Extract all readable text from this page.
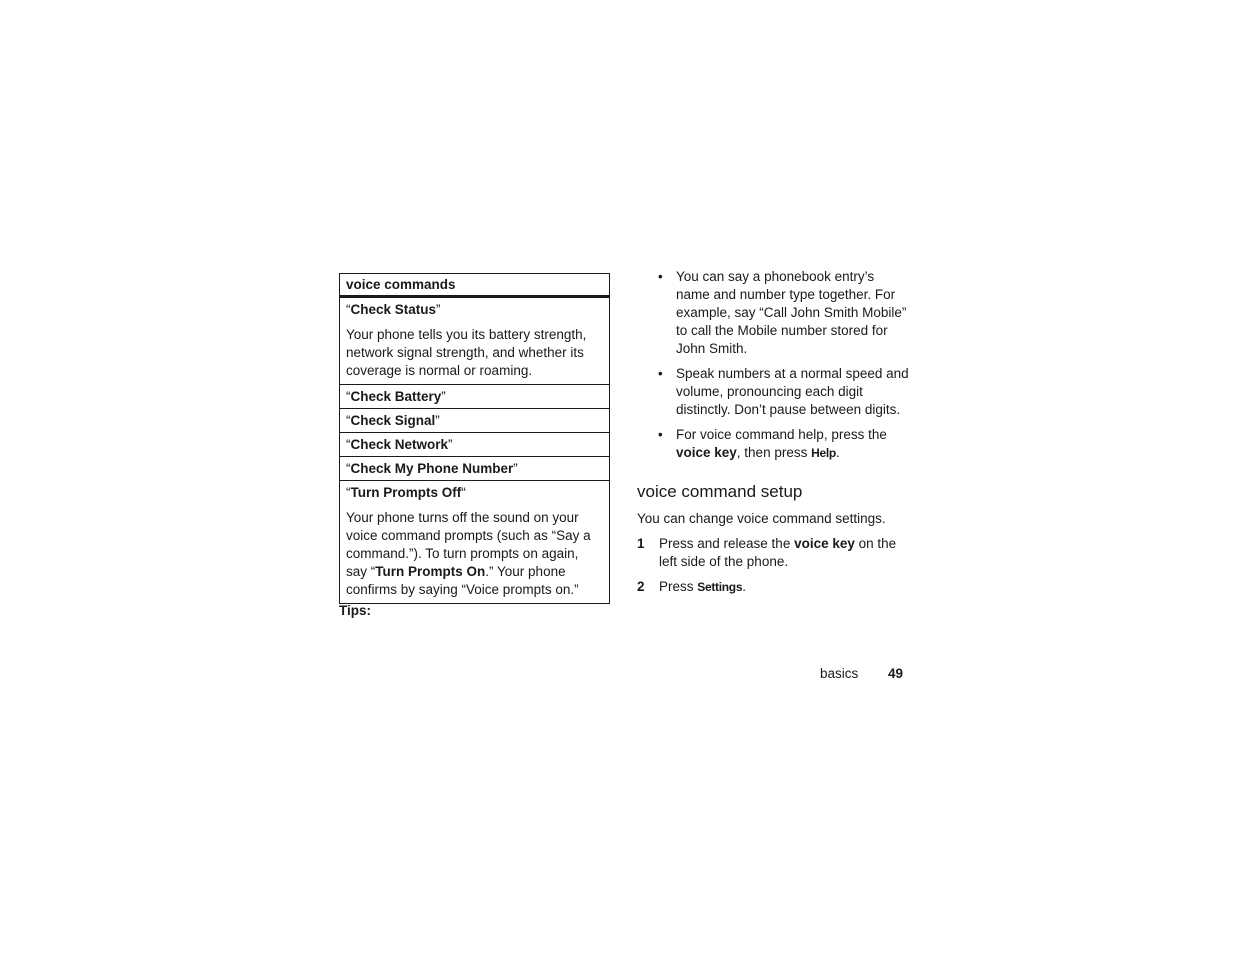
voice commands
“Check Status”
Your phone tells you its battery strength, network signal strength, and whether its coverage is normal or roaming.
“Check Battery”
“Check Signal”
“Check Network”
“Check My Phone Number”
“Turn Prompts Off“
Your phone turns off the sound on your voice command prompts (such as “Say a command.”). To turn prompts on again, say “Turn Prompts On.” Your phone confirms by saying “Voice prompts on.”
Tips:
• You can say a phonebook entry’s name and number type together. For example, say “Call John Smith Mobile” to call the Mobile number stored for John Smith.
• Speak numbers at a normal speed and volume, pronouncing each digit distinctly. Don’t pause between digits.
• For voice command help, press the voice key, then press Help.
voice command setup

You can change voice command settings.

1 Press and release the voice key on the left side of the phone.
2 Press Settings.
basics 49
